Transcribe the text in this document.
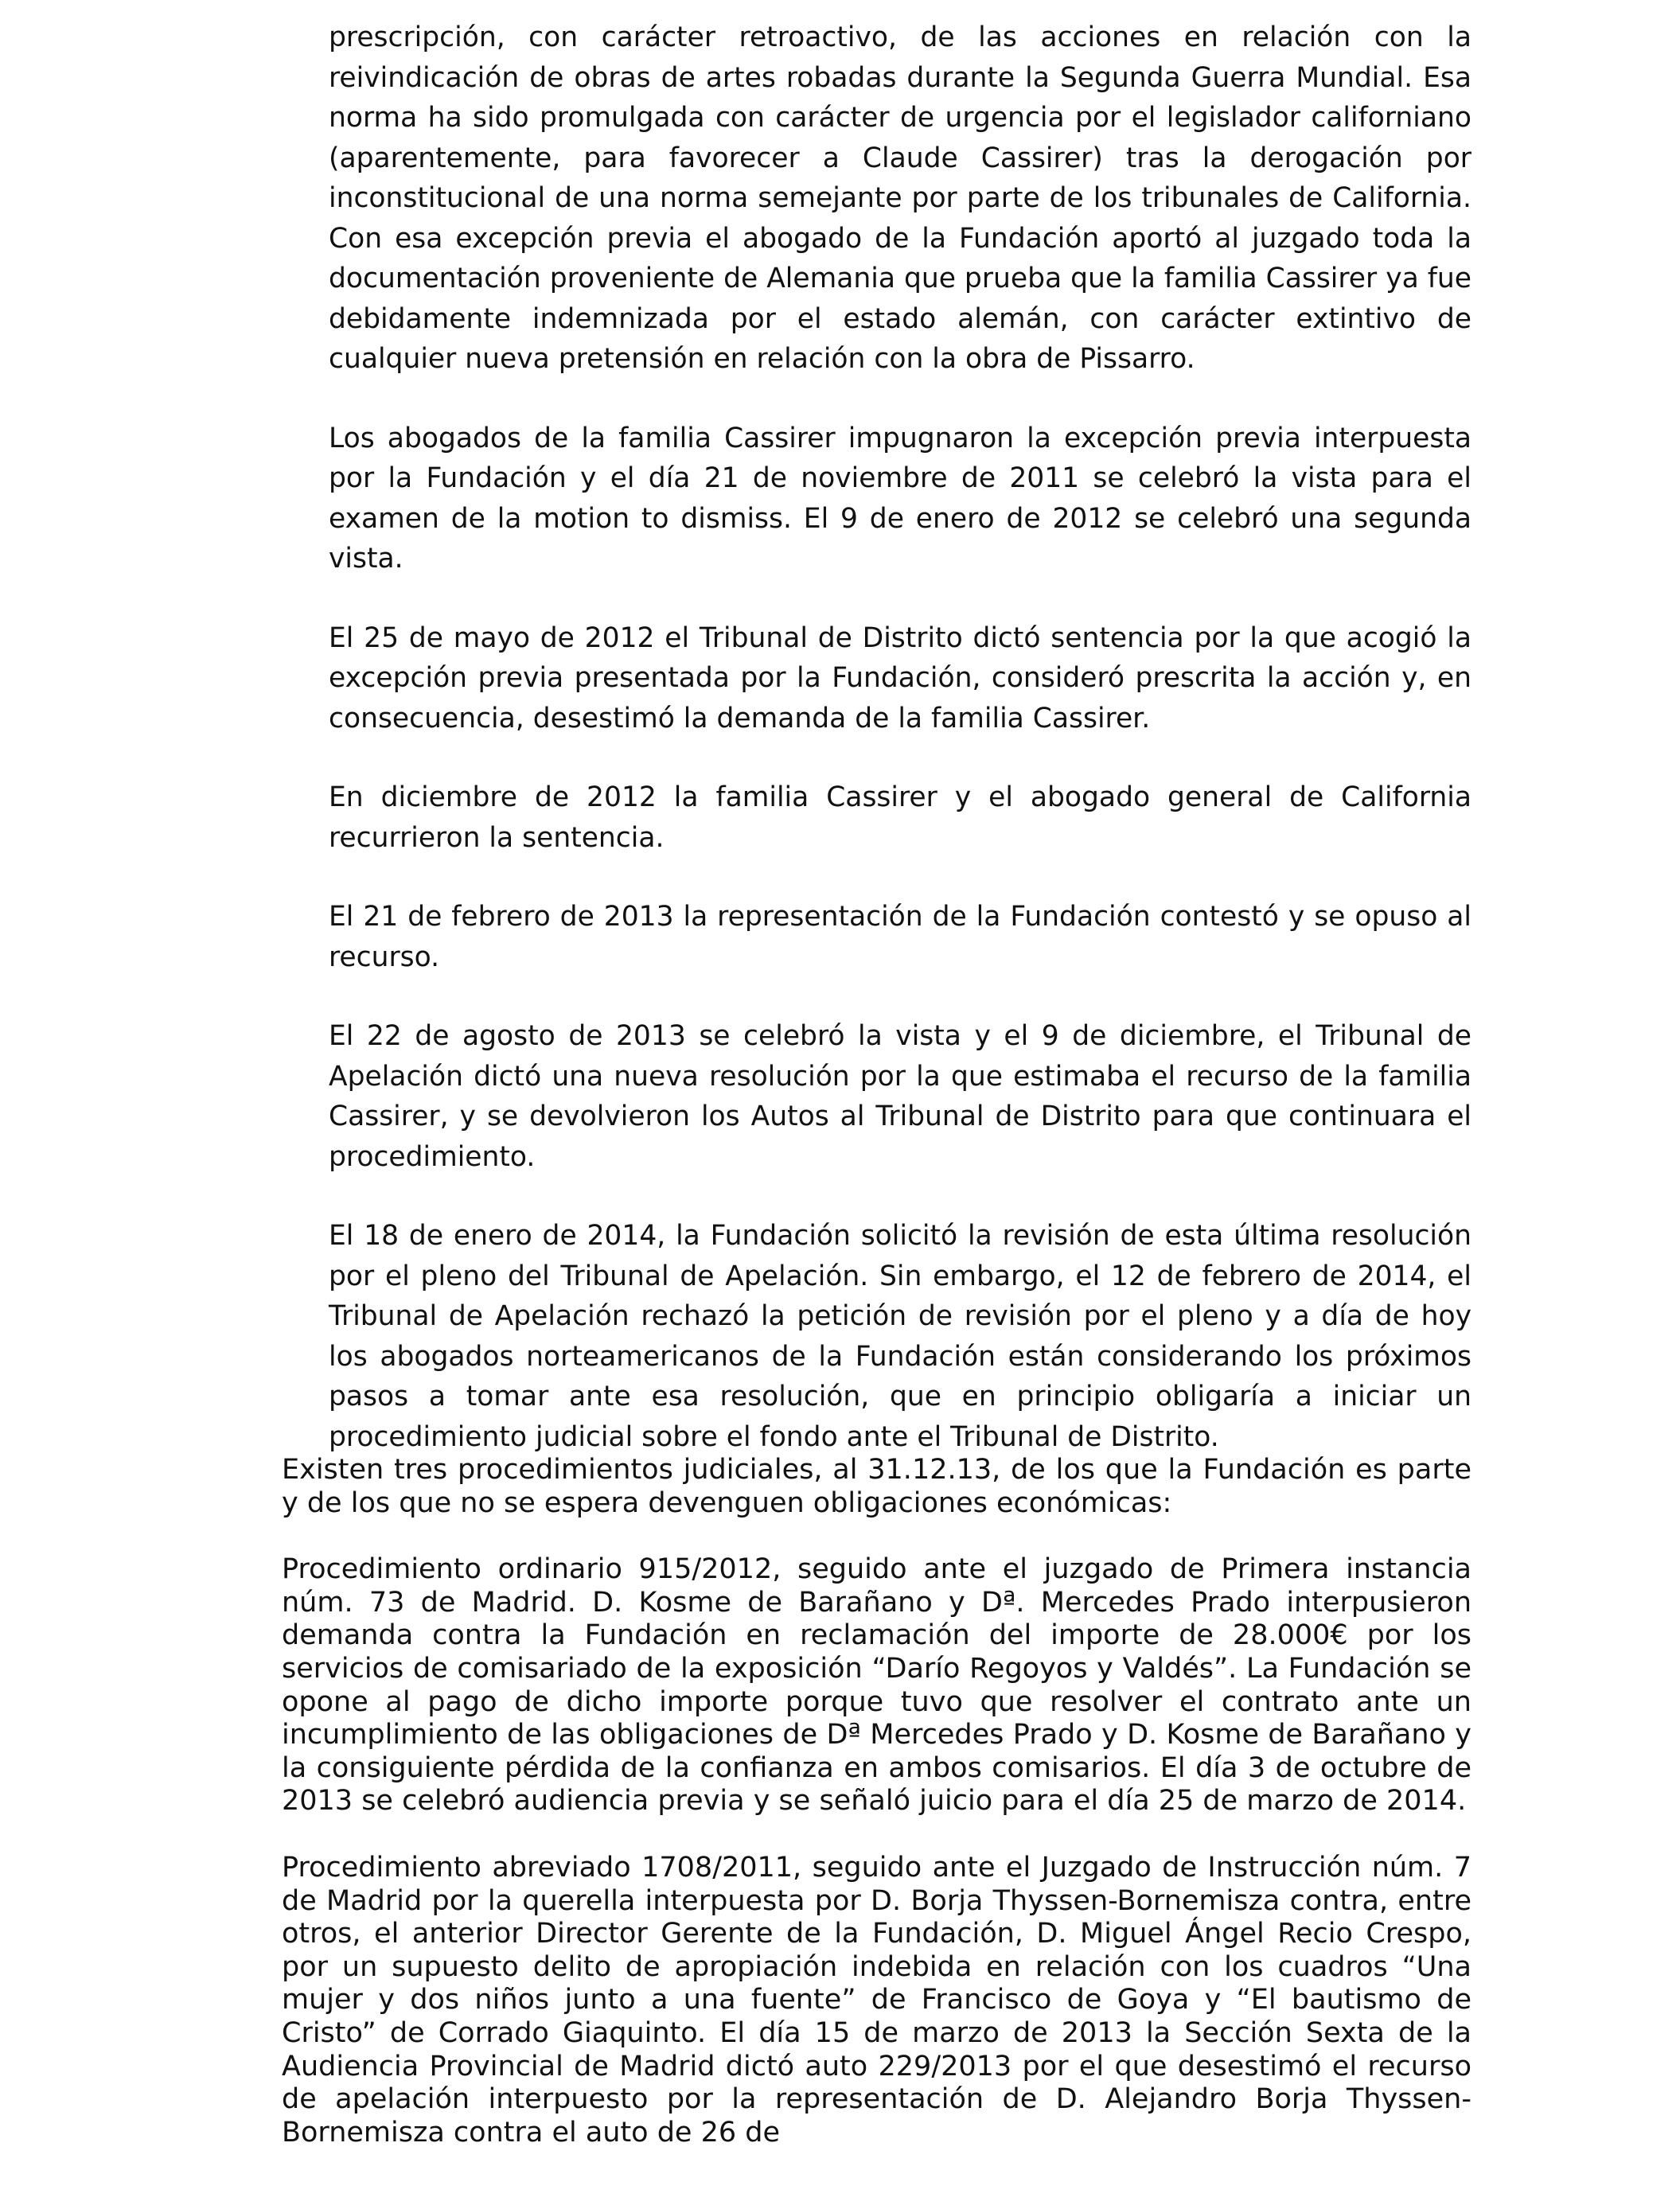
prescripción, con carácter retroactivo, de las acciones en relación con la reivindicación de obras de artes robadas durante la Segunda Guerra Mundial. Esa norma ha sido promulgada con carácter de urgencia por el legislador californiano (aparentemente, para favorecer a Claude Cassirer) tras la derogación por inconstitucional de una norma semejante por parte de los tribunales de California. Con esa excepción previa el abogado de la Fundación aportó al juzgado toda la documentación proveniente de Alemania que prueba que la familia Cassirer ya fue debidamente indemnizada por el estado alemán, con carácter extintivo de cualquier nueva pretensión en relación con la obra de Pissarro.

Los abogados de la familia Cassirer impugnaron la excepción previa interpuesta por la Fundación y el día 21 de noviembre de 2011 se celebró la vista para el examen de la motion to dismiss. El 9 de enero de 2012 se celebró una segunda vista.

El 25 de mayo de 2012 el Tribunal de Distrito dictó sentencia por la que acogió la excepción previa presentada por la Fundación, consideró prescrita la acción y, en consecuencia, desestimó la demanda de la familia Cassirer.

En diciembre de 2012 la familia Cassirer y el abogado general de California recurrieron la sentencia.

El 21 de febrero de 2013 la representación de la Fundación contestó y se opuso al recurso.

El 22 de agosto de 2013 se celebró la vista y el 9 de diciembre, el Tribunal de Apelación dictó una nueva resolución por la que estimaba el recurso de la familia Cassirer, y se devolvieron los Autos al Tribunal de Distrito para que continuara el procedimiento.

El 18 de enero de 2014, la Fundación solicitó la revisión de esta última resolución por el pleno del Tribunal de Apelación. Sin embargo, el 12 de febrero de 2014, el Tribunal de Apelación rechazó la petición de revisión por el pleno y a día de hoy los abogados norteamericanos de la Fundación están considerando los próximos pasos a tomar ante esa resolución, que en principio obligaría a iniciar un procedimiento judicial sobre el fondo ante el Tribunal de Distrito.

Existen tres procedimientos judiciales, al 31.12.13, de los que la Fundación es parte y de los que no se espera devenguen obligaciones económicas:

Procedimiento ordinario 915/2012, seguido ante el juzgado de Primera instancia núm. 73 de Madrid. D. Kosme de Barañano y Dª. Mercedes Prado interpusieron demanda contra la Fundación en reclamación del importe de 28.000€ por los servicios de comisariado de la exposición “Darío Regoyos y Valdés”. La Fundación se opone al pago de dicho importe porque tuvo que resolver el contrato ante un incumplimiento de las obligaciones de Dª Mercedes Prado y D. Kosme de Barañano y la consiguiente pérdida de la confianza en ambos comisarios. El día 3 de octubre de 2013 se celebró audiencia previa y se señaló juicio para el día 25 de marzo de 2014.

Procedimiento abreviado 1708/2011, seguido ante el Juzgado de Instrucción núm. 7 de Madrid por la querella interpuesta por D. Borja Thyssen-Bornemisza contra, entre otros, el anterior Director Gerente de la Fundación, D. Miguel Ángel Recio Crespo, por un supuesto delito de apropiación indebida en relación con los cuadros “Una mujer y dos niños junto a una fuente” de Francisco de Goya y “El bautismo de Cristo” de Corrado Giaquinto. El día 15 de marzo de 2013 la Sección Sexta de la Audiencia Provincial de Madrid dictó auto 229/2013 por el que desestimó el recurso de apelación interpuesto por la representación de D. Alejandro Borja Thyssen-Bornemisza contra el auto de 26 de
